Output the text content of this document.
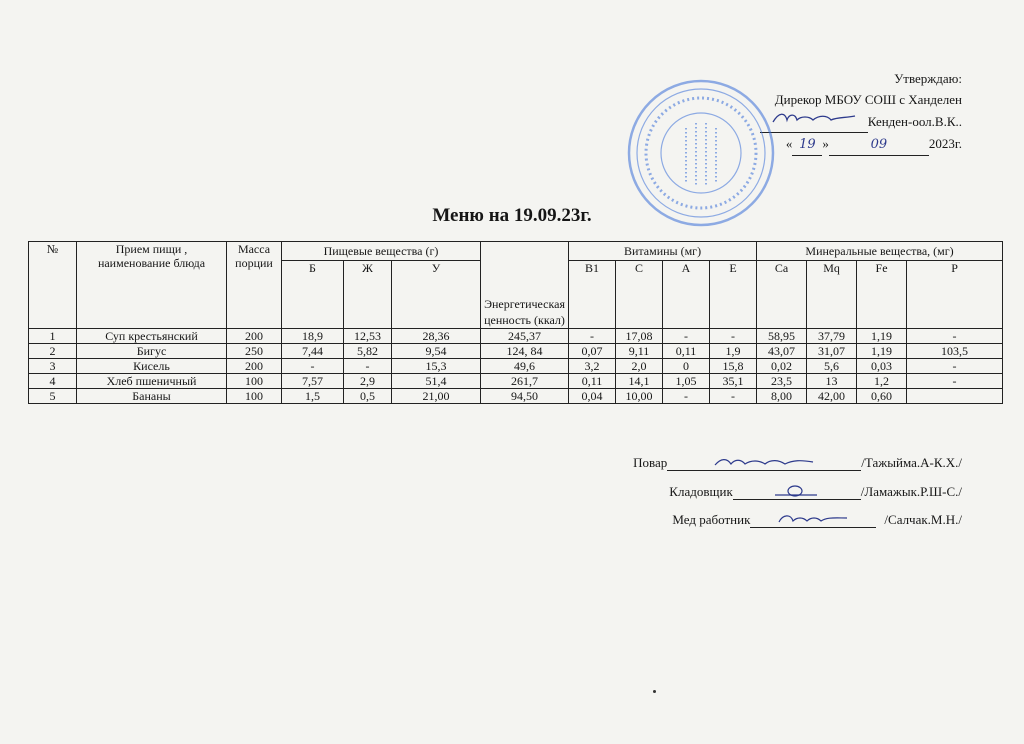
Утверждаю:
Дирекор МБОУ СОШ с Ханделен
Кенден-оол.В.К..
« 19 »	09	2023г.
Меню на 19.09.23г.
№	Прием пищи , наименование блюда	Масса порции	Пищевые вещества (г)			Энергетическая ценность (ккал)	Витамины (мг)				Минеральные вещества, (мг)			
			Б	Ж	У		В1	С	А	Е	Са	Mq	Fe	P
1	Суп крестьянский	200	18,9	12,53	28,36	245,37	-	17,08	-	-	58,95	37,79	1,19	-
2	Бигус	250	7,44	5,82	9,54	124, 84	0,07	9,11	0,11	1,9	43,07	31,07	1,19	103,5
3	Кисель	200	-	-	15,3	49,6	3,2	2,0	0	15,8	0,02	5,6	0,03	-
4	Хлеб пшеничный	100	7,57	2,9	51,4	261,7	0,11	14,1	1,05	35,1	23,5	13	1,2	-
5	Бананы	100	1,5	0,5	21,00	94,50	0,04	10,00	-	-	8,00	42,00	0,60	
Повар	/Тажыйма.А-К.Х./
Кладовщик	/Ламажык.Р.Ш-С./
Мед работник	/Салчак.М.Н./
